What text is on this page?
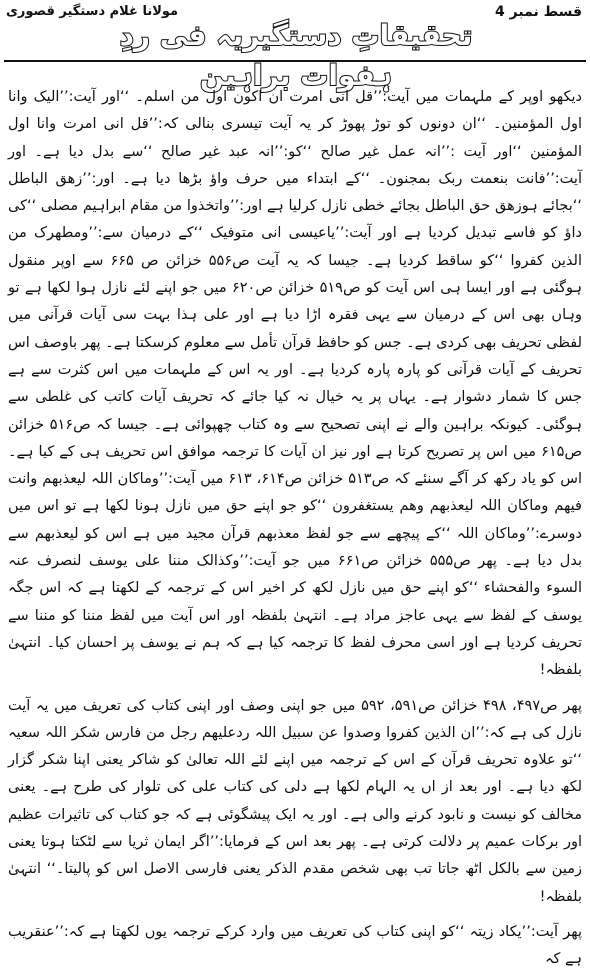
قسط نمبر 4
تحقیقاتِ دستگیریہ فی ردِ ہفوات براہین
مولانا غلام دستگیر قصوری

دیکھو اوپر کے ملہمات میں آیت:’’قل انی امرت ان اکون اول من اسلم۔ ‘‘اور آیت:’’الیک وانا اول المؤمنین۔ ‘‘ان دونوں کو توڑ پھوڑ کر یہ آیت تیسری بنالی کہ:’’قل انی امرت وانا اول المؤمنین ‘‘اور آیت :’’انہ عمل غیر صالح ‘‘کو:’’انہ عبد غیر صالح ‘‘سے بدل دیا ہے۔ اور آیت:’’فانت بنعمت ربک بمجنون۔ ‘‘کے ابتداء میں حرف واؤ بڑھا دیا ہے۔ اور:’’زھق الباطل ‘‘بجائے ہوزھق حق الباطل بجائے خطی نازل کرلیا ہے اور:’’واتخذوا من مقام ابراہیم مصلی ‘‘کی داؤ کو فاسے تبدیل کردیا ہے اور آیت:’’یاعیسی انی متوفیک ‘‘کے درمیان سے:’’ومطھرک من الذین کفروا ‘‘کو ساقط کردیا ہے۔ جیسا کہ یہ آیت ص۵۵۶ خزائن ص ۶۶۵ سے اوپر منقول ہوگئی ہے اور ایسا ہی اس آیت کو ص۵۱۹ خزائن ص۶۲۰ میں جو اپنے لئے نازل ہوا لکھا ہے تو وہاں بھی اس کے درمیان سے یہی فقرہ اڑا دیا ہے اور علی ہذا بہت سی آیات قرآنی میں لفظی تحریف بھی کردی ہے۔ جس کو حافظ قرآن تأمل سے معلوم کرسکتا ہے۔ پھر باوصف اس تحریف کے آیات قرآنی کو پارہ پارہ کردیا ہے۔ اور یہ اس کے ملہمات میں اس کثرت سے ہے جس کا شمار دشوار ہے۔ یہاں پر یہ خیال نہ کیا جائے کہ تحریف آیات کاتب کی غلطی سے ہوگئی۔ کیونکہ براہین والے نے اپنی تصحیح سے وہ کتاب چھپوائی ہے۔ جیسا کہ ص۵۱۶ خزائن ص۶۱۵ میں اس پر تصریح کرتا ہے اور نیز ان آیات کا ترجمہ موافق اس تحریف ہی کے کیا ہے۔ اس کو یاد رکھ کر آگے سنئے کہ ص۵۱۳ خزائن ص۶۱۴، ۶۱۳ میں آیت:’’وماکان اللہ لیعذبھم وانت فیھم وماکان اللہ لیعذبھم وھم یستغفرون ‘‘کو جو اپنے حق میں نازل ہونا لکھا ہے تو اس میں دوسرے:’’وماکان اللہ ‘‘کے پیچھے سے جو لفظ معذبھم قرآن مجید میں ہے اس کو لیعذبھم سے بدل دیا ہے۔ پھر ص۵۵۵ خزائن ص۶۶۱ میں جو آیت:’’وکذالک مننا علی یوسف لنصرف عنہ السوء والفحشاء ‘‘کو اپنے حق میں نازل لکھ کر اخیر اس کے ترجمہ کے لکھتا ہے کہ اس جگہ یوسف کے لفظ سے یہی عاجز مراد ہے۔ انتہیٰ بلفظہ اور اس آیت میں لفظ مننا کو مننا سے تحریف کردیا ہے اور اسی محرف لفظ کا ترجمہ کیا ہے کہ ہم نے یوسف پر احسان کیا۔ انتہیٰ بلفظہ!

پھر ص۴۹۷، ۴۹۸ خزائن ص۵۹۱، ۵۹۲ میں جو اپنی وصف اور اپنی کتاب کی تعریف میں یہ آیت نازل کی ہے کہ:’’ان الذین کفروا وصدوا عن سبیل اللہ ردعلیھم رجل من فارس شکر اللہ سعیہ ‘‘تو علاوہ تحریف قرآن کے اس کے ترجمہ میں اپنے لئے اللہ تعالیٰ کو شاکر یعنی اپنا شکر گزار لکھ دیا ہے۔ اور بعد از اں یہ الہام لکھا ہے دلی کی کتاب علی کی تلوار کی طرح ہے۔ یعنی مخالف کو نیست و نابود کرنے والی ہے۔ اور یہ ایک پیشگوئی ہے کہ جو کتاب کی تاثیرات عظیم اور برکات عمیم پر دلالت کرتی ہے۔ پھر بعد اس کے فرمایا:’’اگر ایمان ثریا سے لٹکتا ہوتا یعنی زمین سے بالکل اٹھ جاتا تب بھی شخص مقدم الذکر یعنی فارسی الاصل اس کو پالیتا۔‘‘ انتہیٰ بلفظہ!

پھر آیت:’’یکاد زیتہ ‘‘کو اپنی کتاب کی تعریف میں وارد کرکے ترجمہ یوں لکھتا ہے کہ:’’عنقریب ہے کہ
